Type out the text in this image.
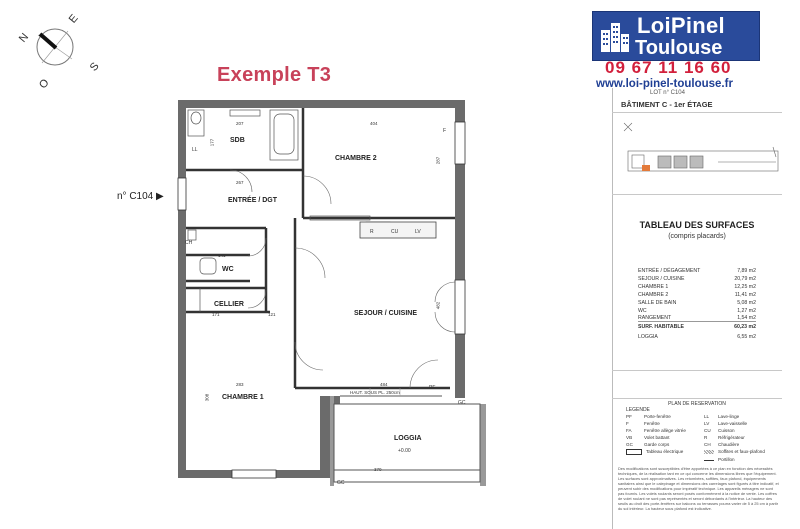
N
E
S
O	Exemple T3
LoiPinel
Toulouse
09 67 11 16 60
www.loi-pinel-toulouse.fr
LOT n° C104
BÂTIMENT C - 1er ÉTAGE
TABLEAU DES SURFACES
(compris placards)
ENTRÉE / DÉGAGEMENT	7,89 m2
SEJOUR / CUISINE	20,79 m2
CHAMBRE 1	12,25 m2
CHAMBRE 2	11,41 m2
SALLE DE BAIN	5,08 m2
WC	1,27 m2
RANGEMENT	1,54 m2
SURF. HABITABLE	60,23 m2
LOGGIA	6,55 m2
PLAN DE RESERVATION
LEGENDE
PF	Porte-fenêtre
F	Fenêtre
FA	Fenêtre allège vitrée
VB	Volet battant
GC Garde corps
Tableau électrique
LL Lave-linge
LV Lave-vaisselle
CU Cuisson
R Réfrigérateur
CH Chaudière
Soffites et faux-plafond
Portillon
Des modifications sont susceptibles d'être apportées à ce plan en fonction des nécessités techniques, de la réalisation tant en ce qui concerne les dimensions libres que l'équipement. Les surfaces sont approximatives. Les retombées, soffites, faux plafond, équipements sanitaires ainsi que le calepinage et dimensions des carrelages sont figurés à titre indicatif, et peuvent subir des modifications pour impératif technique. Les appareils ménagers ne sont pas fournis. Les volets roulants seront posés conformément à la notice de vente. Les coffres de volet roulant ne sont pas représentés et seront débordants à l'intérieur. La hauteur des seuils au droit des porte-fenêtres sur balcons ou terrasses pourra varier de 5 à 25 cm à partir du sol intérieur. La hauteur sous plafond est indicative.
SDB
CHAMBRE 2
ENTRÉE / DGT
WC
CELLIER
SEJOUR / CUISINE
CHAMBRE 1
LOGGIA
+0.00
R	CU	LV
LL
CH
F
PF
GC
GC
207	404
177
287
267
141
171	121
283	484
370
482
308
HAUT. SOUS PL. 250cm
n° C104 ▶
